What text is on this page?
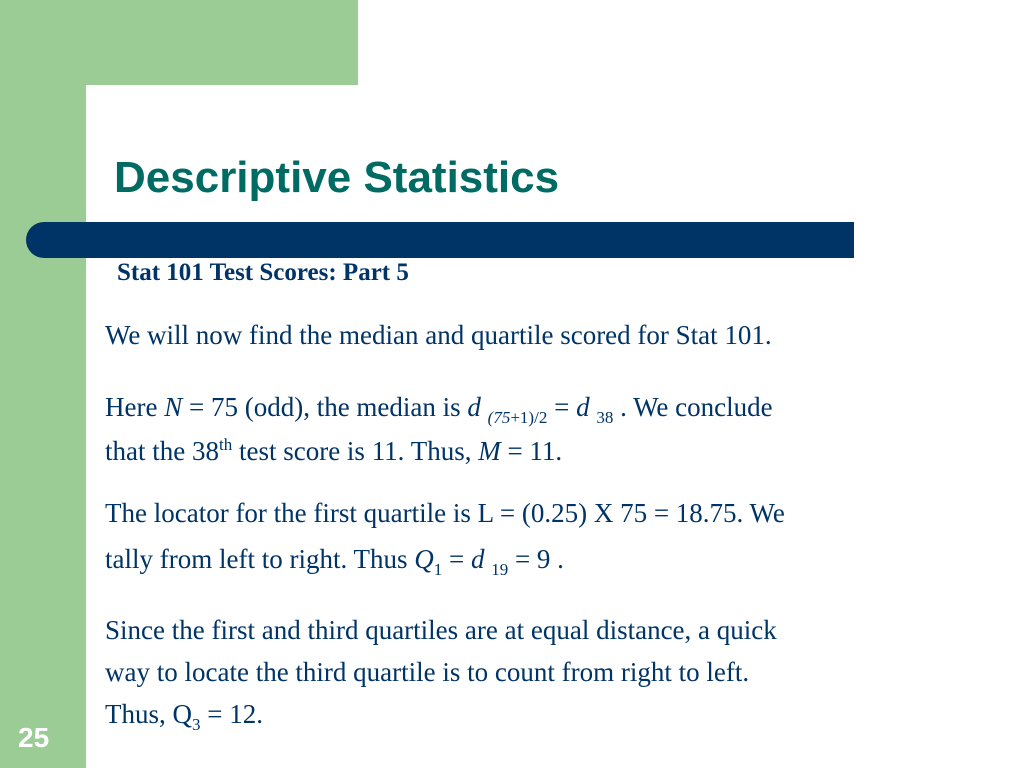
Descriptive Statistics
Stat 101 Test Scores: Part 5

We will now find the median and quartile scored for Stat 101.

Here N = 75 (odd), the median is d $_{(75+1)/2}$ = d $_{38}$ . We conclude
that the 38th test score is 11. Thus, M = 11.

The locator for the first quartile is L = (0.25) X 75 = 18.75. We
tally from left to right. Thus $Q_1 = d$ $_{19}$ = 9 .

Since the first and third quartiles are at equal distance, a quick
way to locate the third quartile is to count from right to left.
Thus, $Q_3 = 12$.

25
